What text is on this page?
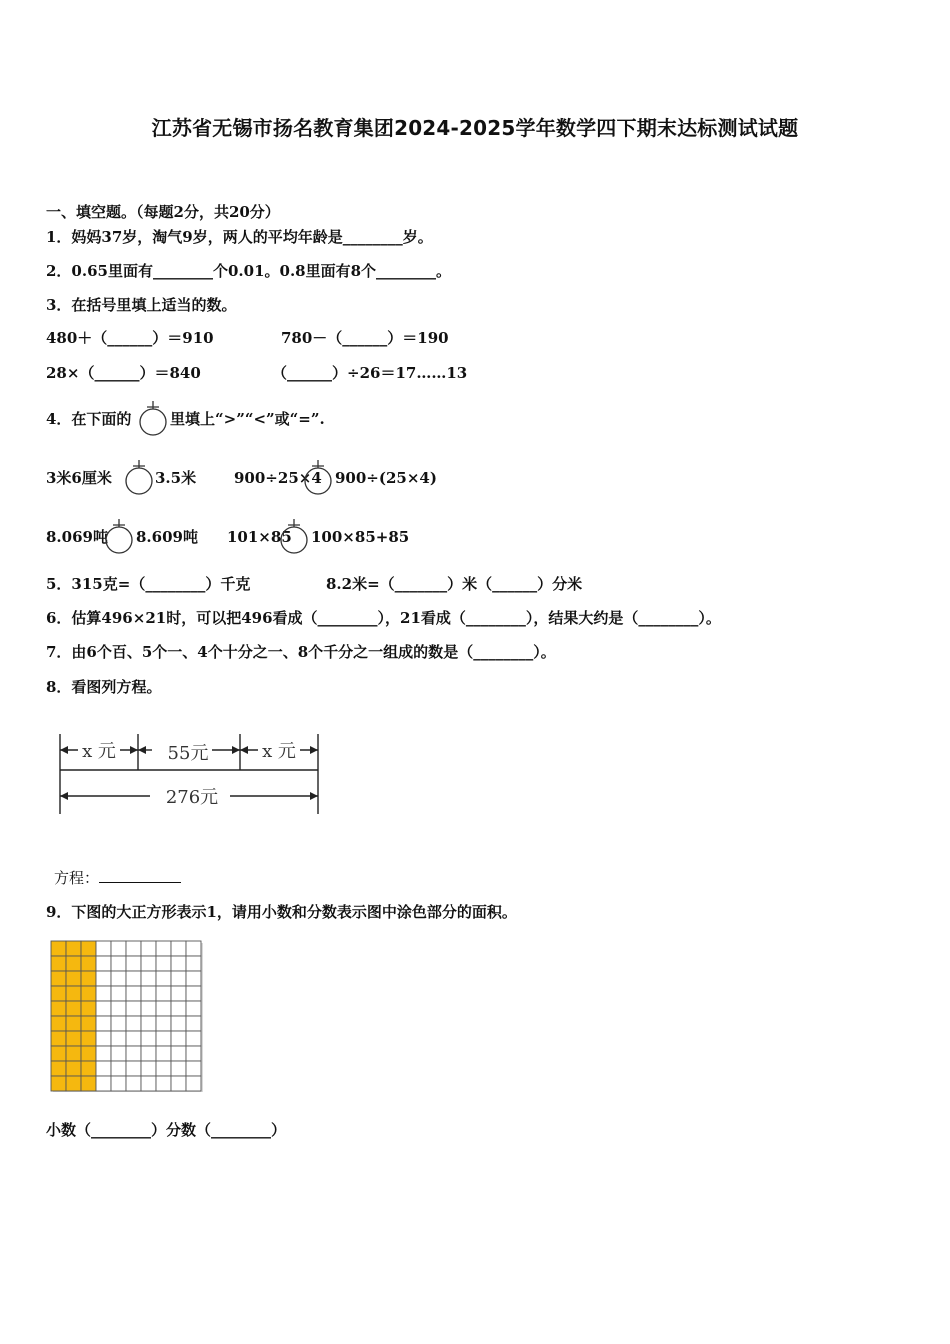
江苏省无锡市扬名教育集团2024-2025学年数学四下期末达标测试试题
一、填空题。（每题2分，共20分）
1．妈妈37岁，淘气9岁，两人的平均年龄是________岁。
2．0.65里面有________个0.01。0.8里面有8个________。
3．在括号里填上适当的数。
480＋（______）＝910	780－（______）＝190
28×（______）＝840	（______）÷26＝17……13
4．在下面的	里填上“>”“<”或“=”.
3米6厘米	3.5米	900÷25×4 900÷(25×4)
8.069吨 8.609吨 101×85 100×85+85
5．315克=（________）千克	8.2米=（_______）米（______）分米
6．估算496×21时，可以把496看成（________），21看成（________），结果大约是（________）。
7．由6个百、5个一、4个十分之一、8个千分之一组成的数是（________）。
8．看图列方程。
x 元	55元	x 元
276元
方程：
9．下图的大正方形表示1，请用小数和分数表示图中涂色部分的面积。
小数（________）分数（________）
